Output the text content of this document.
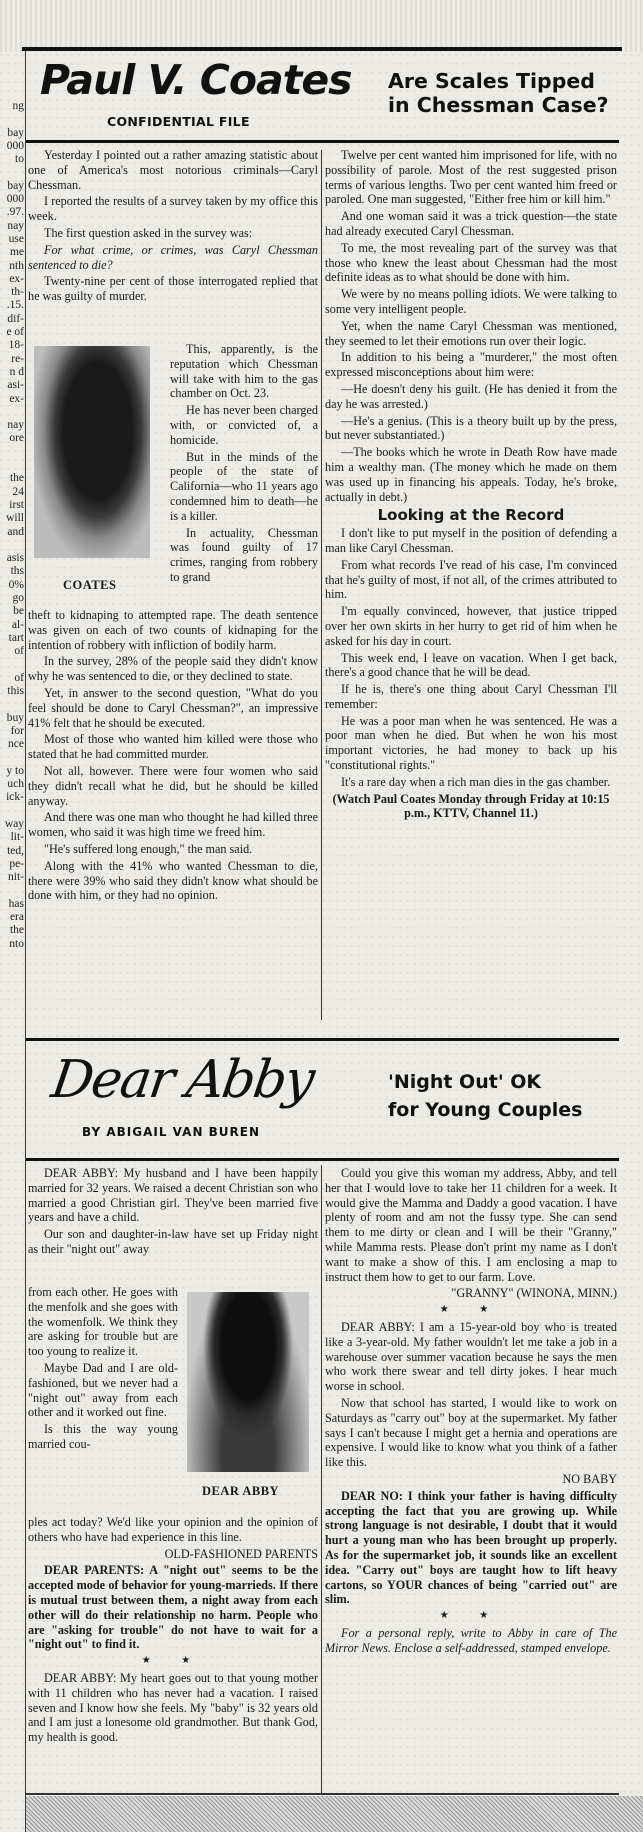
ng
bay
000
to
bay
000
.97.
nay
use
me
nth
ex-
th-
.15.
dif-
e of
18-
re-
n d
asi-
ex-
nay
ore
the
24
irst
will
and
asis
ths
0%
go
be
al-
tart
of
of
this
buy
for
nce
y to
uch
ick-
way
lit-
ted,
pe-
nit-
has
era
the
nto
Paul V. Coates
CONFIDENTIAL FILE
Are Scales Tipped
in Chessman Case?

Yesterday I pointed out a rather amazing statistic about one of America's most notorious criminals—Caryl Chessman.

I reported the results of a survey taken by my office this week.

The first question asked in the survey was:

For what crime, or crimes, was Caryl Chessman sentenced to die?

Twenty-nine per cent of those interrogated replied that he was guilty of murder.

COATES

This, apparently, is the reputation which Chessman will take with him to the gas chamber on Oct. 23.

He has never been charged with, or convicted of, a homicide.

But in the minds of the people of the state of California—who 11 years ago condemned him to death—he is a killer.

In actuality, Chessman was found guilty of 17 crimes, ranging from robbery to grand

theft to kidnaping to attempted rape. The death sentence was given on each of two counts of kidnaping for the intention of robbery with infliction of bodily harm.

In the survey, 28% of the people said they didn't know why he was sentenced to die, or they declined to state.

Yet, in answer to the second question, "What do you feel should be done to Caryl Chessman?", an impressive 41% felt that he should be executed.

Most of those who wanted him killed were those who stated that he had committed murder.

Not all, however. There were four women who said they didn't recall what he did, but he should be killed anyway.

And there was one man who thought he had killed three women, who said it was high time we freed him.

"He's suffered long enough," the man said.

Along with the 41% who wanted Chessman to die, there were 39% who said they didn't know what should be done with him, or they had no opinion.

Twelve per cent wanted him imprisoned for life, with no possibility of parole. Most of the rest suggested prison terms of various lengths. Two per cent wanted him freed or paroled. One man suggested, "Either free him or kill him."

And one woman said it was a trick question—the state had already executed Caryl Chessman.

To me, the most revealing part of the survey was that those who knew the least about Chessman had the most definite ideas as to what should be done with him.

We were by no means polling idiots. We were talking to some very intelligent people.

Yet, when the name Caryl Chessman was mentioned, they seemed to let their emotions run over their logic.

In addition to his being a "murderer," the most often expressed misconceptions about him were:

—He doesn't deny his guilt. (He has denied it from the day he was arrested.)

—He's a genius. (This is a theory built up by the press, but never substantiated.)

—The books which he wrote in Death Row have made him a wealthy man. (The money which he made on them was used up in financing his appeals. Today, he's broke, actually in debt.)

Looking at the Record

I don't like to put myself in the position of defending a man like Caryl Chessman.

From what records I've read of his case, I'm convinced that he's guilty of most, if not all, of the crimes attributed to him.

I'm equally convinced, however, that justice tripped over her own skirts in her hurry to get rid of him when he asked for his day in court.

This week end, I leave on vacation. When I get back, there's a good chance that he will be dead.

If he is, there's one thing about Caryl Chessman I'll remember:

He was a poor man when he was sentenced. He was a poor man when he died. But when he won his most important victories, he had money to back up his "constitutional rights."

It's a rare day when a rich man dies in the gas chamber.

(Watch Paul Coates Monday through Friday at 10:15 p.m., KTTV, Channel 11.)

Dear Abby
BY ABIGAIL VAN BUREN
'Night Out' OK
for Young Couples

DEAR ABBY: My husband and I have been happily married for 32 years. We raised a decent Christian son who married a good Christian girl. They've been married five years and have a child.

Our son and daughter-in-law have set up Friday night as their "night out" away

from each other. He goes with the menfolk and she goes with the womenfolk. We think they are asking for trouble but are too young to realize it.

Maybe Dad and I are old-fashioned, but we never had a "night out" away from each other and it worked out fine.

Is this the way young married cou-

DEAR ABBY

ples act today? We'd like your opinion and the opinion of others who have had experience in this line.

OLD-FASHIONED PARENTS

DEAR PARENTS: A "night out" seems to be the accepted mode of behavior for young-marrieds. If there is mutual trust between them, a night away from each other will do their relationship no harm. People who are "asking for trouble" do not have to wait for a "night out" to find it.

★ ★

DEAR ABBY: My heart goes out to that young mother with 11 children who has never had a vacation. I raised seven and I know how she feels. My "baby" is 32 years old and I am just a lonesome old grandmother. But thank God, my health is good.

Could you give this woman my address, Abby, and tell her that I would love to take her 11 children for a week. It would give the Mamma and Daddy a good vacation. I have plenty of room and am not the fussy type. She can send them to me dirty or clean and I will be their "Granny," while Mamma rests. Please don't print my name as I don't want to make a show of this. I am enclosing a map to instruct them how to get to our farm. Love.

"GRANNY" (WINONA, MINN.)

★ ★

DEAR ABBY: I am a 15-year-old boy who is treated like a 3-year-old. My father wouldn't let me take a job in a warehouse over summer vacation because he says the men who work there swear and tell dirty jokes. I hear much worse in school.

Now that school has started, I would like to work on Saturdays as "carry out" boy at the supermarket. My father says I can't because I might get a hernia and operations are expensive. I would like to know what you think of a father like this.

NO BABY

DEAR NO: I think your father is having difficulty accepting the fact that you are growing up. While strong language is not desirable, I doubt that it would hurt a young man who has been brought up properly. As for the supermarket job, it sounds like an excellent idea. "Carry out" boys are taught how to lift heavy cartons, so YOUR chances of being "carried out" are slim.

★ ★

For a personal reply, write to Abby in care of The Mirror News. Enclose a self-addressed, stamped envelope.
